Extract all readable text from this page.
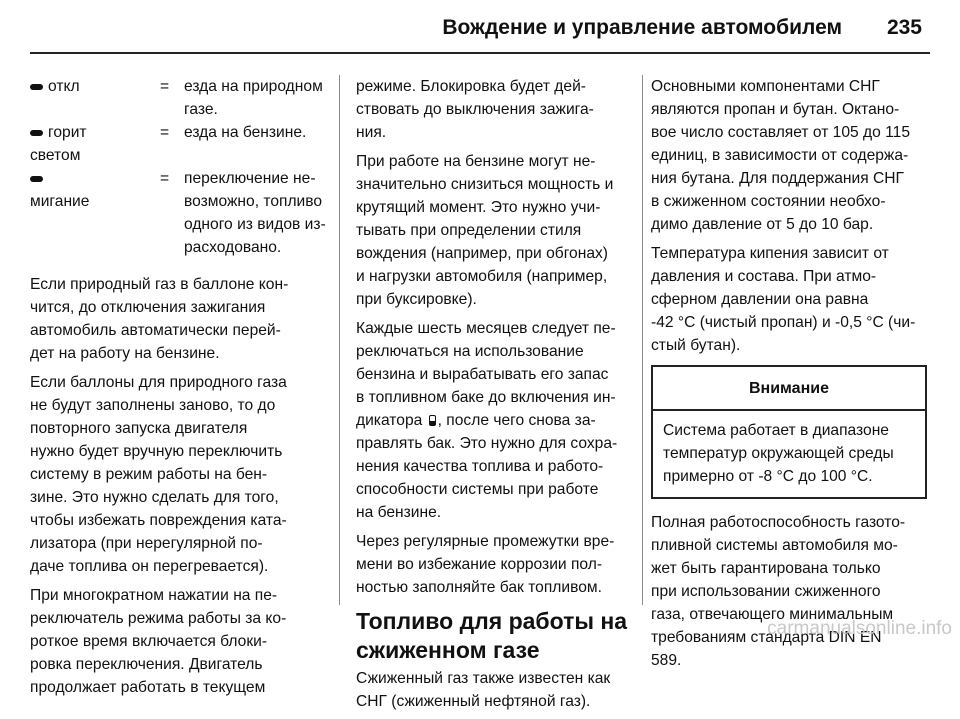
Вождение и управление автомобилем 235
откл	= езда на природном
газе.
горит
светом
= езда на бензине.

мигание
= переключение не-
возможно, топливо
одного из видов из-
расходовано.

Если природный газ в баллоне кон-
чится, до отключения зажигания
автомобиль автоматически перей-
дет на работу на бензине.

Если баллоны для природного газа
не будут заполнены заново, то до
повторного запуска двигателя
нужно будет вручную переключить
систему в режим работы на бен-
зине. Это нужно сделать для того,
чтобы избежать повреждения ката-
лизатора (при нерегулярной по-
даче топлива он перегревается).

При многократном нажатии на пе-
реключатель режима работы за ко-
роткое время включается блоки-
ровка переключения. Двигатель
продолжает работать в текущем

режиме. Блокировка будет дей-
ствовать до выключения зажига-
ния.

При работе на бензине могут не-
значительно снизиться мощность и
крутящий момент. Это нужно учи-
тывать при определении стиля
вождения (например, при обгонах)
и нагрузки автомобиля (например,
при буксировке).

Каждые шесть месяцев следует пе-
реключаться на использование
бензина и вырабатывать его запас
в топливном баке до включения ин-
дикатора , после чего снова за-
правлять бак. Это нужно для сохра-
нения качества топлива и работо-
способности системы при работе
на бензине.

Через регулярные промежутки вре-
мени во избежание коррозии пол-
ностью заполняйте бак топливом.

Топливо для работы на
сжиженном газе

Сжиженный газ также известен как
СНГ (сжиженный нефтяной газ).

Основными компонентами СНГ
являются пропан и бутан. Октано-
вое число составляет от 105 до 115
единиц, в зависимости от содержа-
ния бутана. Для поддержания СНГ
в сжиженном состоянии необхо-
димо давление от 5 до 10 бар.

Температура кипения зависит от
давления и состава. При атмо-
сферном давлении она равна
-42 °C (чистый пропан) и -0,5 °C (чи-
стый бутан).

Внимание
Система работает в диапазоне
температур окружающей среды
примерно от -8 °C до 100 °C.

Полная работоспособность газото-
пливной системы автомобиля мо-
жет быть гарантирована только
при использовании сжиженного
газа, отвечающего минимальным
требованиям стандарта DIN EN
589.

carmanualsonline.info
